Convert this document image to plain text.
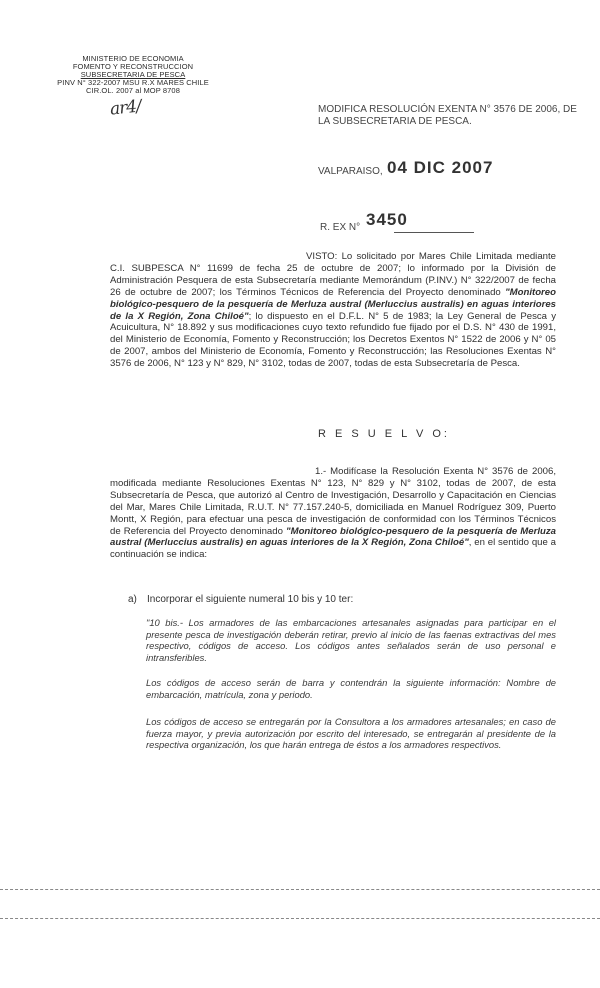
MINISTERIO DE ECONOMIA
FOMENTO Y RECONSTRUCCION
SUBSECRETARIA DE PESCA
PINV N° 322-2007 MSU R.X MARES CHILE
CIR.OL. 2007 al MOP 8708
ar4/	MODIFICA RESOLUCIÓN EXENTA N° 3576 DE 2006, DE LA SUBSECRETARIA DE PESCA.
VALPARAISO, 04 DIC 2007
R. EX N° 3450
VISTO: Lo solicitado por Mares Chile Limitada mediante C.I. SUBPESCA N° 11699 de fecha 25 de octubre de 2007; lo informado por la División de Administración Pesquera de esta Subsecretaría mediante Memorándum (P.INV.) N° 322/2007 de fecha 26 de octubre de 2007; los Términos Técnicos de Referencia del Proyecto denominado "Monitoreo biológico-pesquero de la pesquería de Merluza austral (Merluccius australis) en aguas interiores de la X Región, Zona Chiloé"; lo dispuesto en el D.F.L. N° 5 de 1983; la Ley General de Pesca y Acuicultura, N° 18.892 y sus modificaciones cuyo texto refundido fue fijado por el D.S. N° 430 de 1991, del Ministerio de Economía, Fomento y Reconstrucción; los Decretos Exentos N° 1522 de 2006 y N° 05 de 2007, ambos del Ministerio de Economía, Fomento y Reconstrucción; las Resoluciones Exentas N° 3576 de 2006, N° 123 y N° 829, N° 3102, todas de 2007, todas de esta Subsecretaría de Pesca.
R E S U E L V O:
1.- Modifícase la Resolución Exenta N° 3576 de 2006, modificada mediante Resoluciones Exentas N° 123, N° 829 y N° 3102, todas de 2007, de esta Subsecretaría de Pesca, que autorizó al Centro de Investigación, Desarrollo y Capacitación en Ciencias del Mar, Mares Chile Limitada, R.U.T. N° 77.157.240-5, domiciliada en Manuel Rodríguez 309, Puerto Montt, X Región, para efectuar una pesca de investigación de conformidad con los Términos Técnicos de Referencia del Proyecto denominado "Monitoreo biológico-pesquero de la pesquería de Merluza austral (Merluccius australis) en aguas interiores de la X Región, Zona Chiloé", en el sentido que a continuación se indica:
a) Incorporar el siguiente numeral 10 bis y 10 ter:
"10 bis.- Los armadores de las embarcaciones artesanales asignadas para participar en el presente pesca de investigación deberán retirar, previo al inicio de las faenas extractivas del mes respectivo, códigos de acceso. Los códigos antes señalados serán de uso personal e intransferibles.
Los códigos de acceso serán de barra y contendrán la siguiente información: Nombre de embarcación, matrícula, zona y periodo.
Los códigos de acceso se entregarán por la Consultora a los armadores artesanales; en caso de fuerza mayor, y previa autorización por escrito del interesado, se entregarán al presidente de la respectiva organización, los que harán entrega de éstos a los armadores respectivos.
